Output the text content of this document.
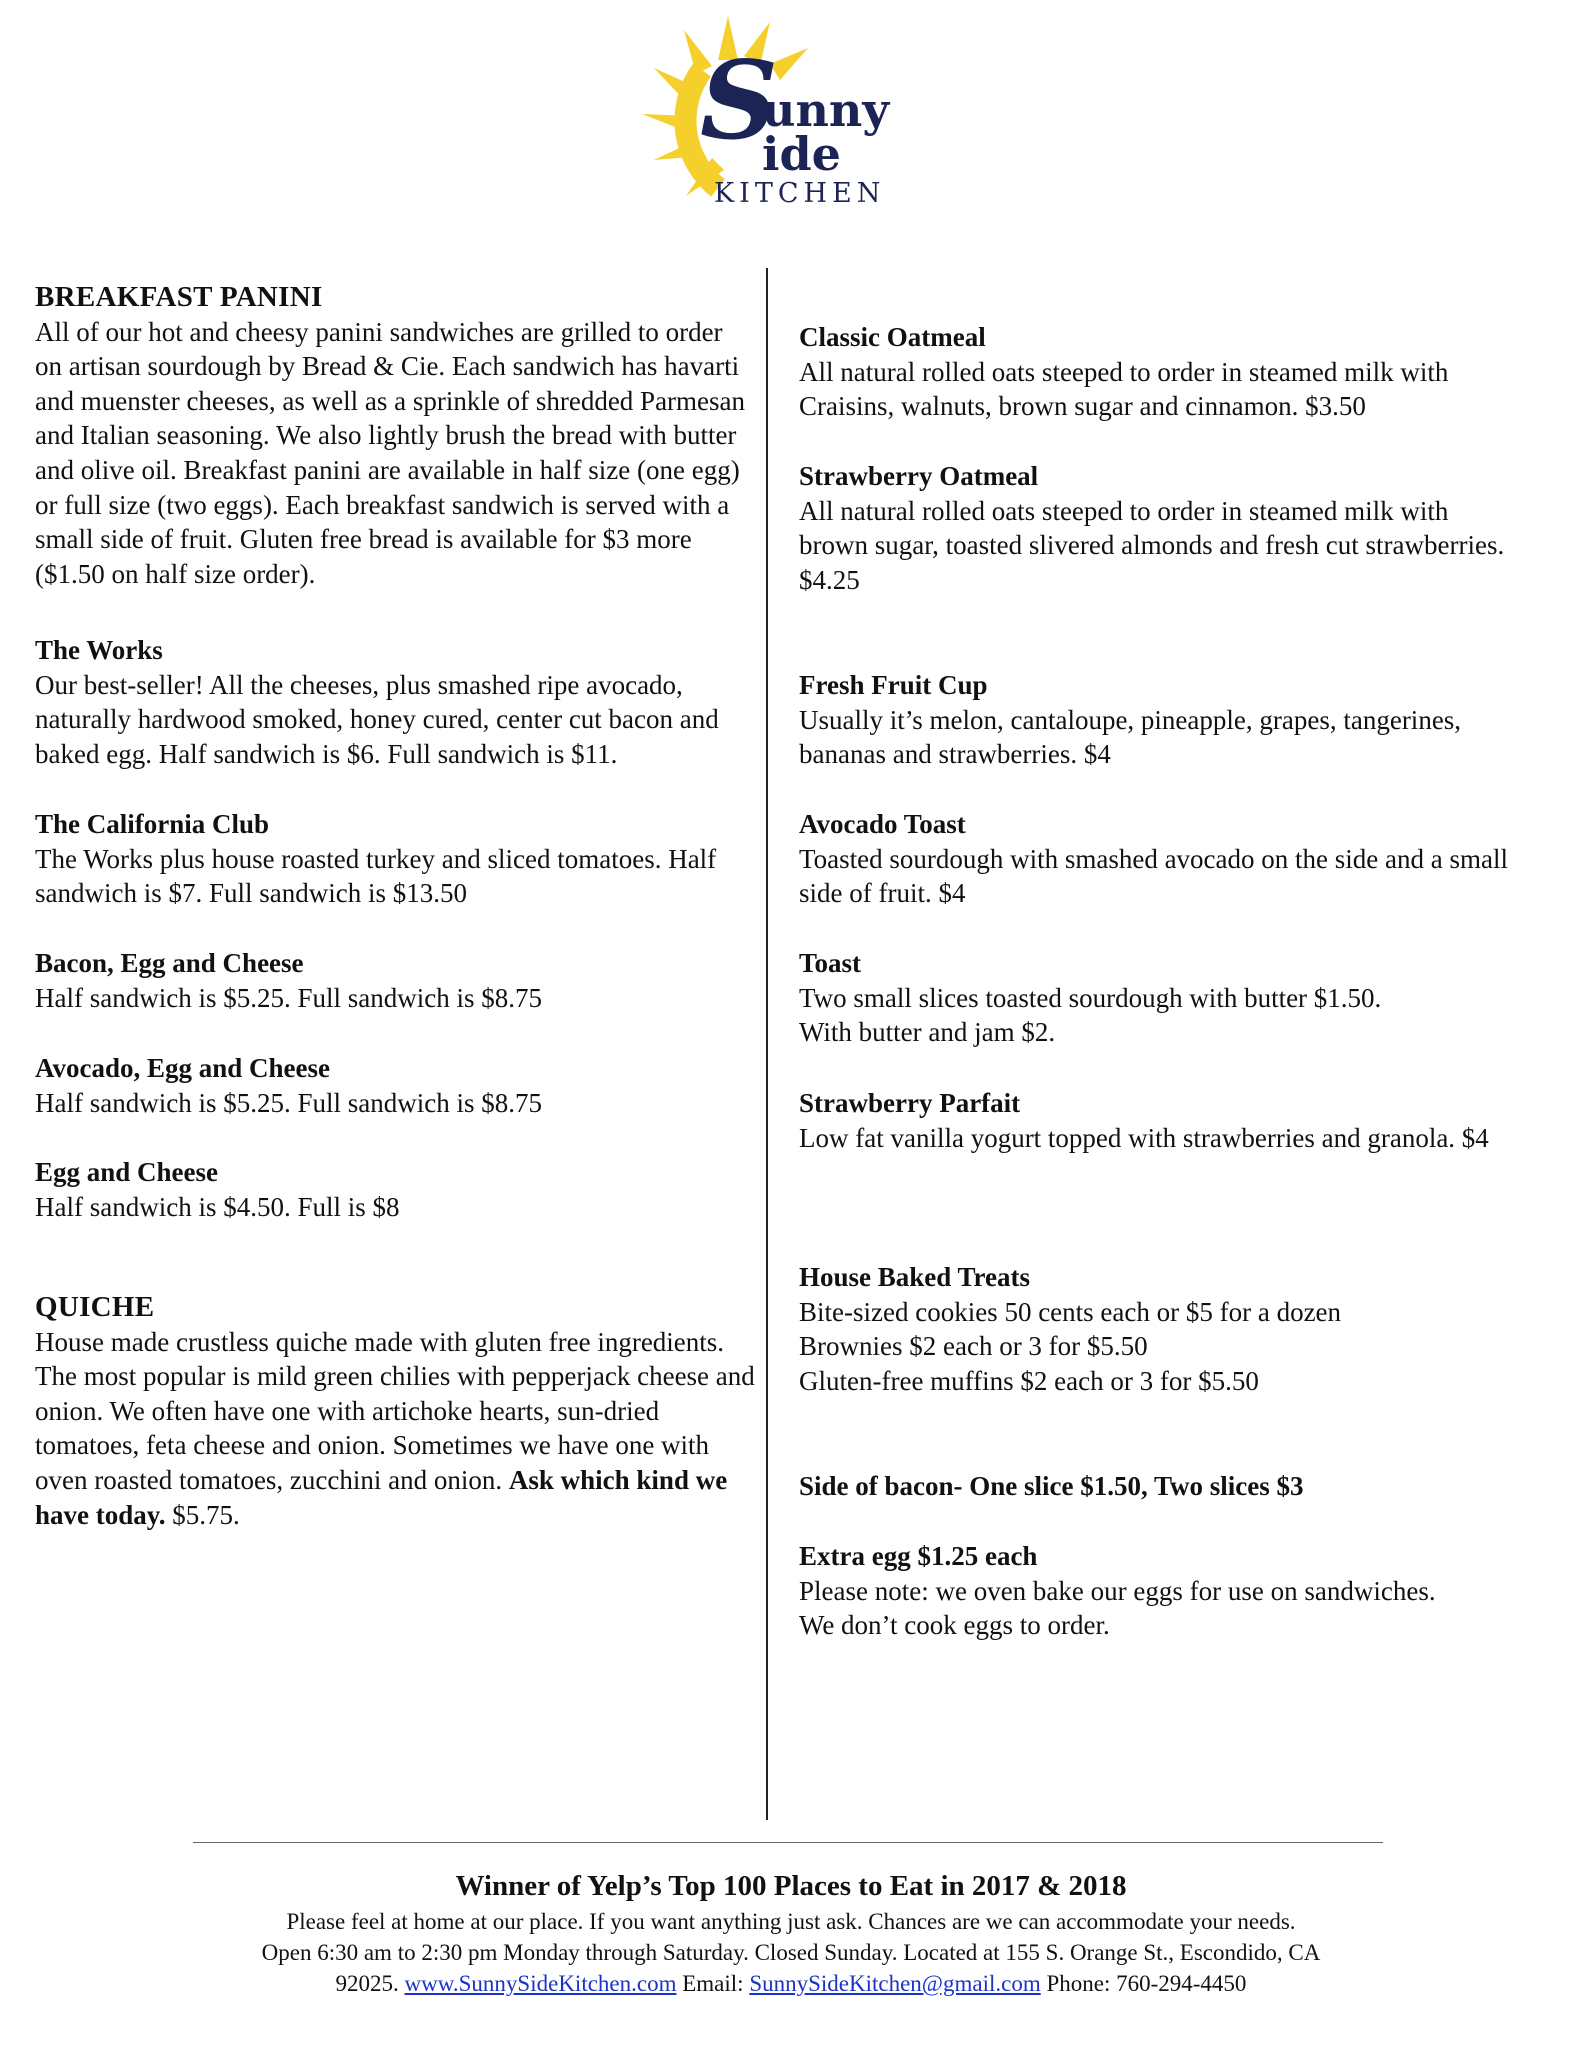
S
unny
ide
KITCHEN

BREAKFAST PANINI

All of our hot and cheesy panini sandwiches are grilled to order on artisan sourdough by Bread & Cie. Each sandwich has havarti and muenster cheeses, as well as a sprinkle of shredded Parmesan and Italian seasoning. We also lightly brush the bread with butter and olive oil. Breakfast panini are available in half size (one egg) or full size (two eggs). Each breakfast sandwich is served with a small side of fruit. Gluten free bread is available for $3 more ($1.50 on half size order).

The Works

Our best-seller! All the cheeses, plus smashed ripe avocado, naturally hardwood smoked, honey cured, center cut bacon and baked egg. Half sandwich is $6. Full sandwich is $11.

The California Club

The Works plus house roasted turkey and sliced tomatoes. Half sandwich is $7. Full sandwich is $13.50

Bacon, Egg and Cheese

Half sandwich is $5.25. Full sandwich is $8.75

Avocado, Egg and Cheese

Half sandwich is $5.25. Full sandwich is $8.75

Egg and Cheese

Half sandwich is $4.50. Full is $8

QUICHE

House made crustless quiche made with gluten free ingredients. The most popular is mild green chilies with pepperjack cheese and onion. We often have one with artichoke hearts, sun-dried tomatoes, feta cheese and onion. Sometimes we have one with oven roasted tomatoes, zucchini and onion. Ask which kind we have today. $5.75.

Classic Oatmeal

All natural rolled oats steeped to order in steamed milk with Craisins, walnuts, brown sugar and cinnamon. $3.50

Strawberry Oatmeal

All natural rolled oats steeped to order in steamed milk with brown sugar, toasted slivered almonds and fresh cut strawberries. $4.25

Fresh Fruit Cup

Usually it’s melon, cantaloupe, pineapple, grapes, tangerines, bananas and strawberries. $4

Avocado Toast

Toasted sourdough with smashed avocado on the side and a small side of fruit. $4

Toast

Two small slices toasted sourdough with butter $1.50.

With butter and jam $2.

Strawberry Parfait

Low fat vanilla yogurt topped with strawberries and granola. $4

House Baked Treats

Bite-sized cookies 50 cents each or $5 for a dozen

Brownies $2 each or 3 for $5.50

Gluten-free muffins $2 each or 3 for $5.50

Side of bacon- One slice $1.50, Two slices $3

Extra egg $1.25 each

Please note: we oven bake our eggs for use on sandwiches.

We don’t cook eggs to order.

Winner of Yelp’s Top 100 Places to Eat in 2017 & 2018
Please feel at home at our place. If you want anything just ask. Chances are we can accommodate your needs.
Open 6:30 am to 2:30 pm Monday through Saturday. Closed Sunday. Located at 155 S. Orange St., Escondido, CA
92025. www.SunnySideKitchen.com Email: SunnySideKitchen@gmail.com Phone: 760-294-4450
